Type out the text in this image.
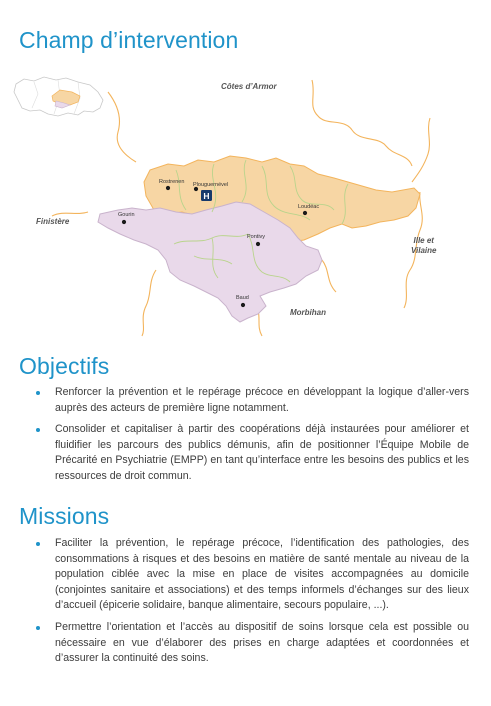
Champ d’intervention
H
Côtes d’Armor
Finistère
Ille et
Vilaine
Morbihan
Rostrenen Plouguernével
Gourin
Loudéac
Pontivy
Baud
Objectifs
Renforcer la prévention et le repérage précoce en développant la logique d’aller-vers auprès des acteurs de première ligne notamment.
Consolider et capitaliser à partir des coopérations déjà instaurées pour améliorer et fluidifier les parcours des publics démunis, afin de positionner l’Équipe Mobile de Précarité en Psychiatrie (EMPP) en tant qu’interface entre les besoins des publics et les ressources de droit commun.
Missions
Faciliter la prévention, le repérage précoce, l’identification des pathologies, des consommations à risques et des besoins en matière de santé mentale au niveau de la population ciblée avec la mise en place de visites accompagnées au domicile (conjointes sanitaire et associations) et des temps informels d’échanges sur des lieux d’accueil (épicerie solidaire, banque alimentaire, secours populaire, ...).
Permettre l’orientation et l’accès au dispositif de soins lorsque cela est possible ou nécessaire en vue d’élaborer des prises en charge adaptées et coordonnées et d’assurer la continuité des soins.
